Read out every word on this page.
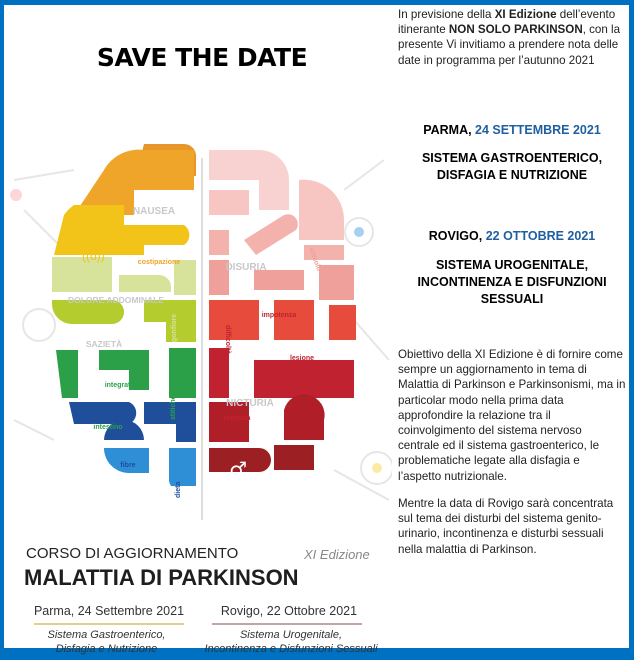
SAVE THE DATE
NAUSEA
costipazione
DOLORE ADDOMINALE
SAZIETÀ
gonfiore
integratori
intestino
stitichezza
fibre
dieta
DISURIA	stimolo
impotenza
difficoltà
lesione
NICTURIA
urgenza
⚥
((o))
CORSO DI AGGIORNAMENTO	XI Edizione
MALATTIA DI PARKINSON
Parma, 24 Settembre 2021
Sistema Gastroenterico,
Disfagia e Nutrizione
Rovigo, 22 Ottobre 2021
Sistema Urogenitale,
Incontinenza e Disfunzioni Sessuali
In previsione della XI Edizione dell’evento itinerante NON SOLO PARKINSON, con la presente Vi invitiamo a prendere nota delle date in programma per l’autunno 2021
PARMA, 24 SETTEMBRE 2021
SISTEMA GASTROENTERICO, DISFAGIA E NUTRIZIONE
ROVIGO, 22 OTTOBRE 2021
SISTEMA UROGENITALE, INCONTINENZA E DISFUNZIONI SESSUALI
Obiettivo della XI Edizione è di fornire come sempre un aggiornamento in tema di Malattia di Parkinson e Parkinsonismi, ma in particolar modo nella prima data approfondire la relazione tra il coinvolgimento del sistema nervoso centrale ed il sistema gastroenterico, le problematiche legate alla disfagia e l’aspetto nutrizionale.
Mentre la data di Rovigo sarà concentrata sul tema dei disturbi del sistema genito-urinario, incontinenza e disturbi sessuali nella malattia di Parkinson.
